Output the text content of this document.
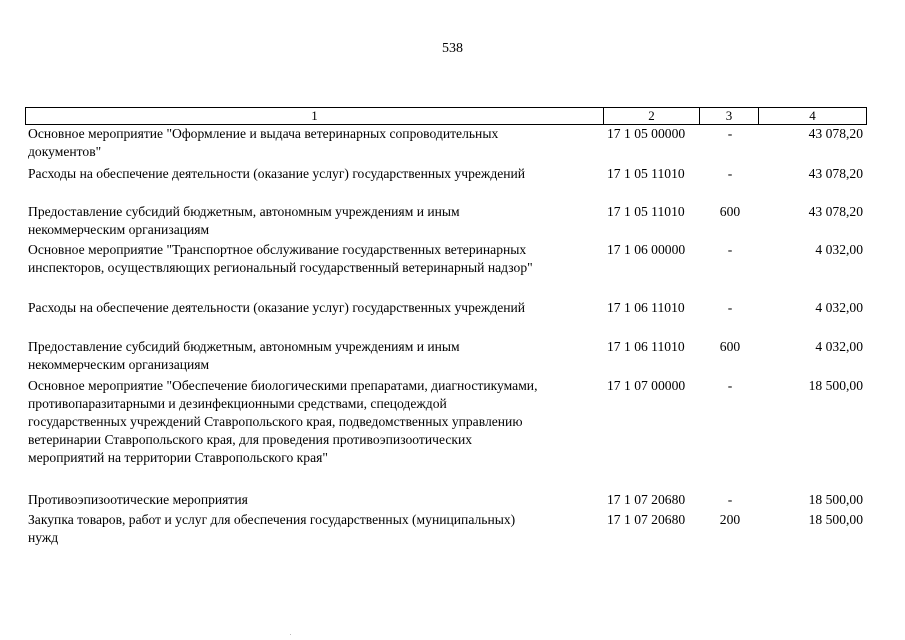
538
1	2	3	4
Основное мероприятие "Оформление и выдача ветеринарных сопроводительных
документов"
17 1 05 00000	-	43 078,20
Расходы на обеспечение деятельности (оказание услуг) государственных учреждений	17 1 05 11010	-	43 078,20
Предоставление субсидий бюджетным, автономным учреждениям и иным
некоммерческим организациям
17 1 05 11010	600	43 078,20
Основное мероприятие "Транспортное обслуживание государственных ветеринарных
инспекторов, осуществляющих региональный государственный ветеринарный надзор"
17 1 06 00000	-	4 032,00
Расходы на обеспечение деятельности (оказание услуг) государственных учреждений	17 1 06 11010	-	4 032,00
Предоставление субсидий бюджетным, автономным учреждениям и иным
некоммерческим организациям
17 1 06 11010	600	4 032,00
Основное мероприятие "Обеспечение биологическими препаратами, диагностикумами,
противопаразитарными и дезинфекционными средствами, спецодеждой
государственных учреждений Ставропольского края, подведомственных управлению
ветеринарии Ставропольского края, для проведения противоэпизоотических
мероприятий на территории Ставропольского края"
17 1 07 00000	-	18 500,00
Противоэпизоотические мероприятия	17 1 07 20680	-	18 500,00
Закупка товаров, работ и услуг для обеспечения государственных (муниципальных)
нужд
17 1 07 20680	200	18 500,00
